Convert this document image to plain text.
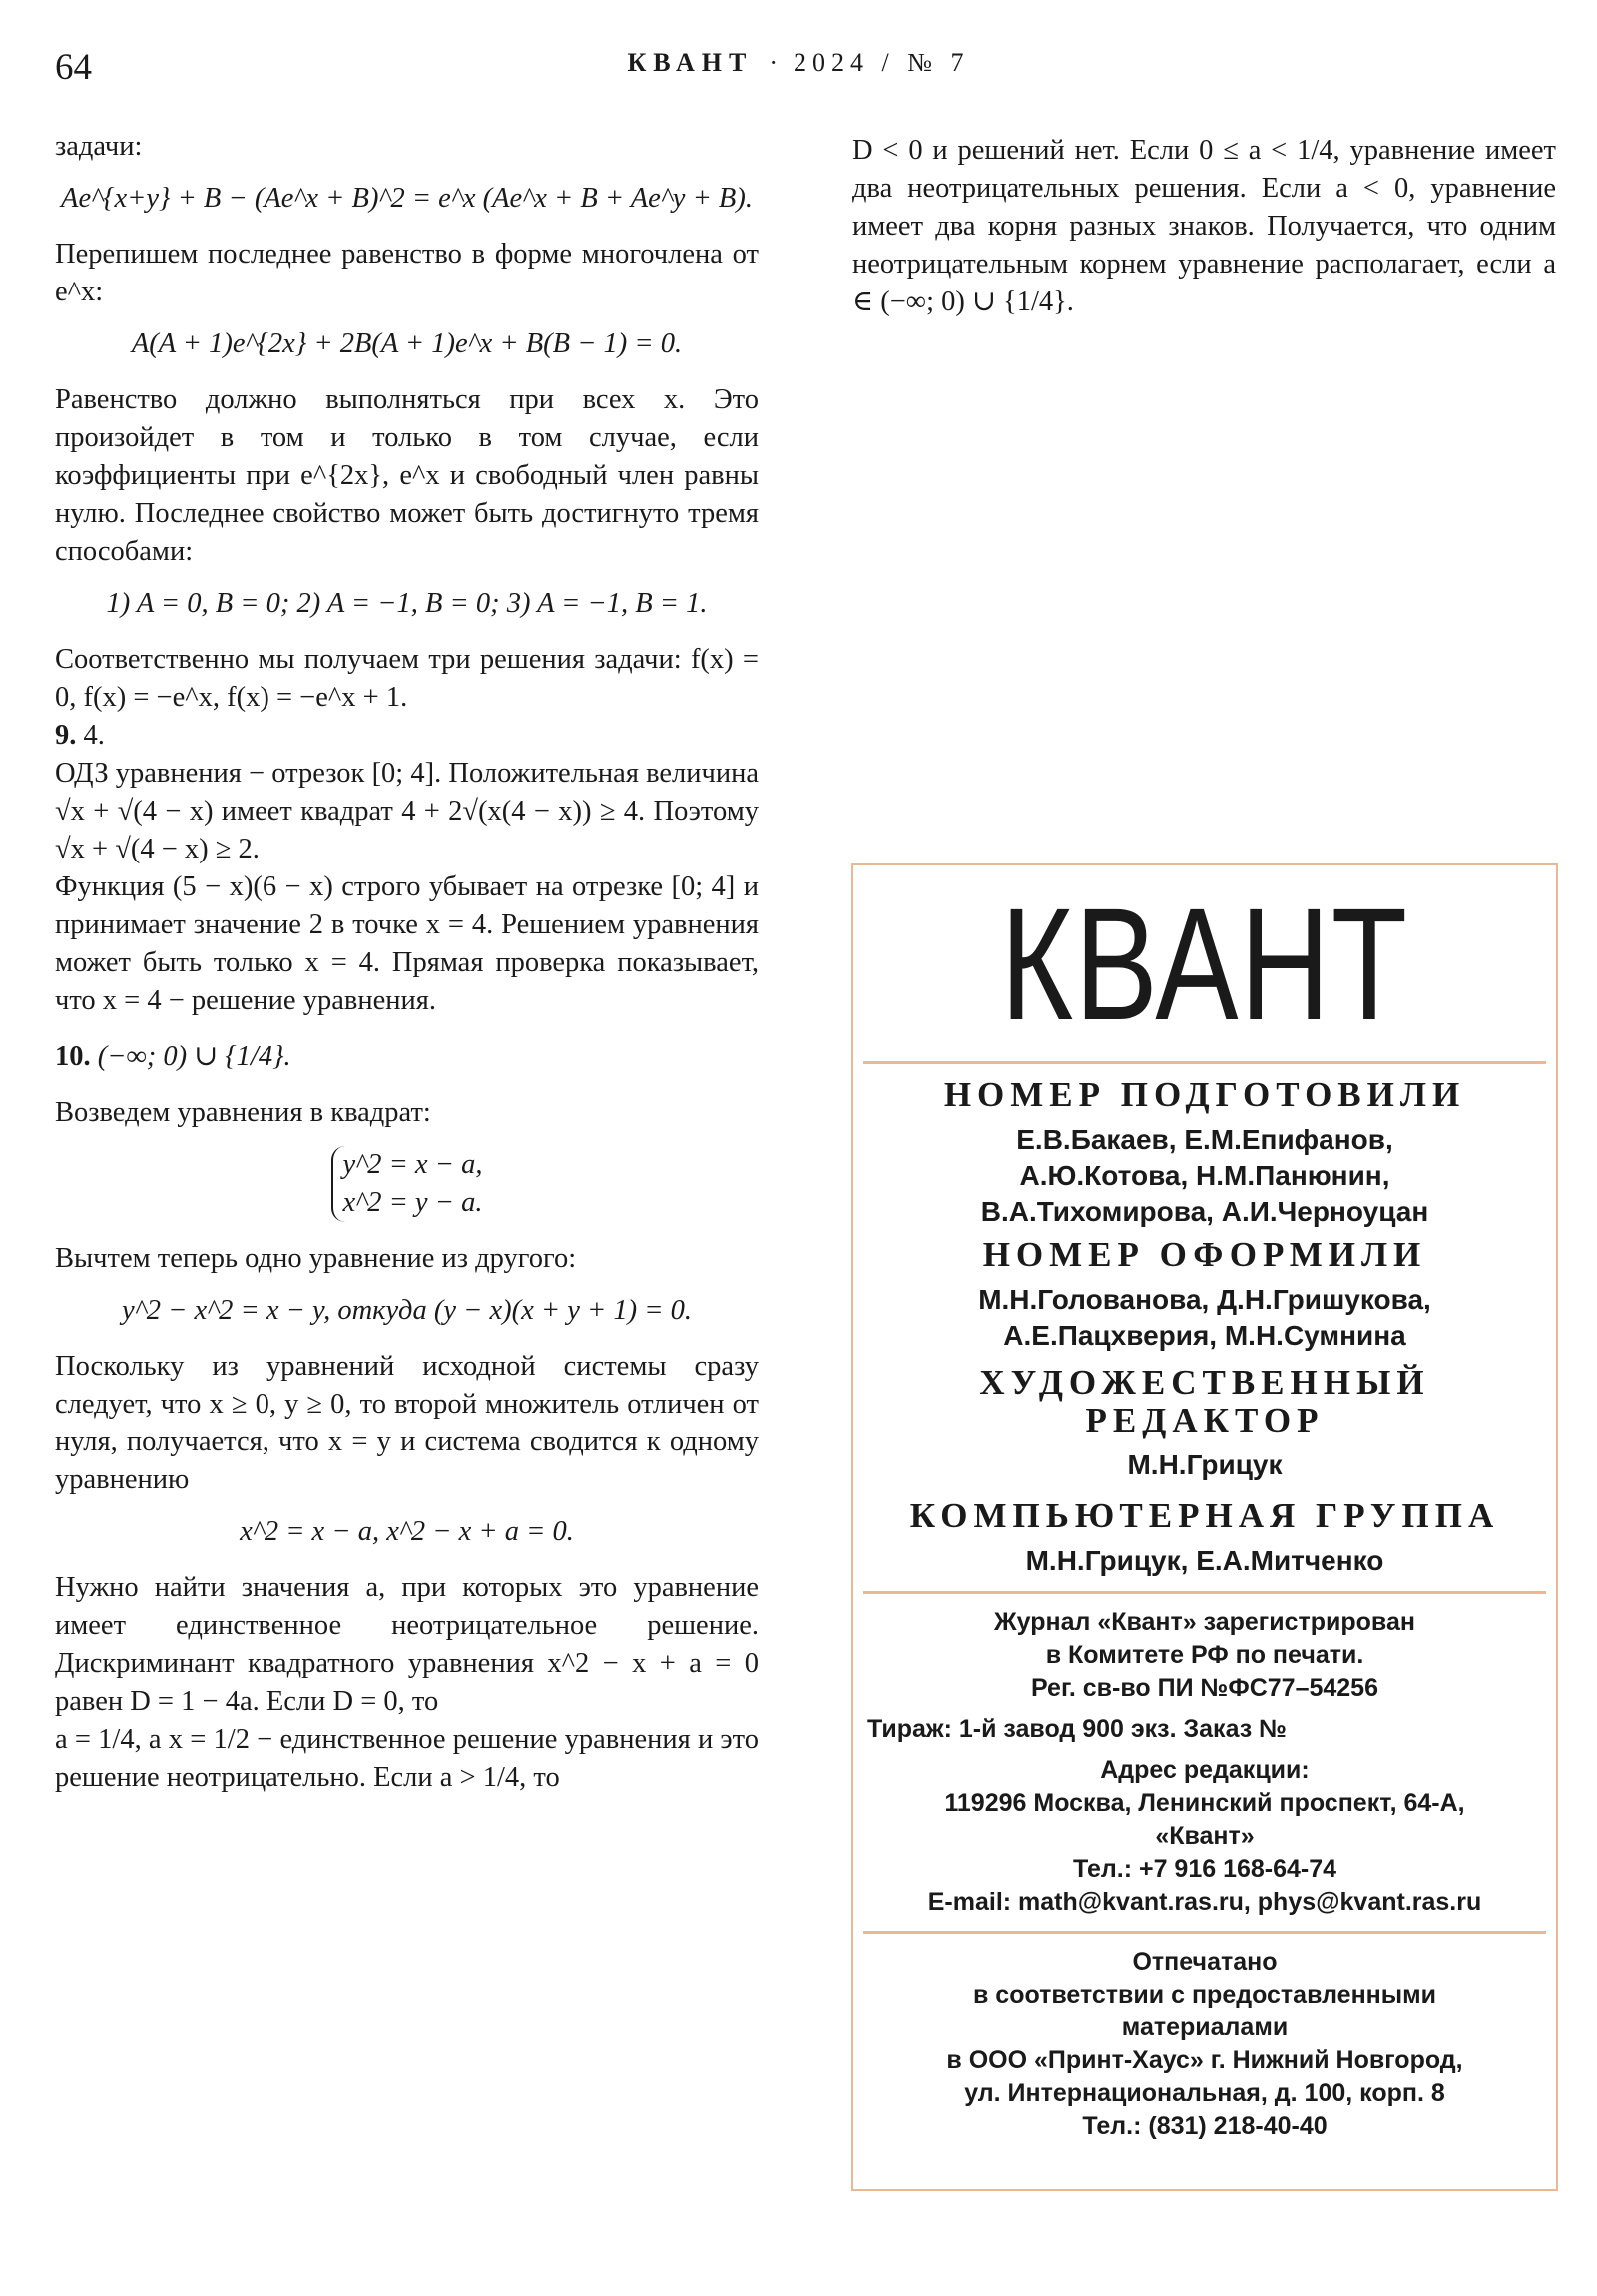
64	КВАНТ · 2024 / № 7

задачи:

Ae^{x+y} + B − (Ae^x + B)^2 = e^x (Ae^x + B + Ae^y + B).

Перепишем последнее равенство в форме многочлена от e^x:

A(A + 1)e^{2x} + 2B(A + 1)e^x + B(B − 1) = 0.

Равенство должно выполняться при всех x. Это произойдет в том и только в том случае, если коэффициенты при e^{2x}, e^x и свободный член равны нулю. Последнее свойство может быть достигнуто тремя способами:

1) A = 0, B = 0; 2) A = −1, B = 0; 3) A = −1, B = 1.

Соответственно мы получаем три решения задачи: f(x) = 0, f(x) = −e^x, f(x) = −e^x + 1.

9. 4.

ОДЗ уравнения − отрезок [0; 4]. Положительная величина √x + √(4 − x) имеет квадрат 4 + 2√(x(4 − x)) ≥ 4. Поэтому √x + √(4 − x) ≥ 2.

Функция (5 − x)(6 − x) строго убывает на отрезке [0; 4] и принимает значение 2 в точке x = 4. Решением уравнения может быть только x = 4. Прямая проверка показывает, что x = 4 − решение уравнения.

10. (−∞; 0) ∪ {1/4}.

Возведем уравнения в квадрат:

y^2 = x − a,
x^2 = y − a.

Вычтем теперь одно уравнение из другого:

y^2 − x^2 = x − y, откуда (y − x)(x + y + 1) = 0.

Поскольку из уравнений исходной системы сразу следует, что x ≥ 0, y ≥ 0, то второй множитель отличен от нуля, получается, что x = y и система сводится к одному уравнению

x^2 = x − a, x^2 − x + a = 0.

Нужно найти значения a, при которых это уравнение имеет единственное неотрицательное решение. Дискриминант квадратного уравнения x^2 − x + a = 0 равен D = 1 − 4a. Если D = 0, то

a = 1/4, а x = 1/2 − единственное решение уравнения и это решение неотрицательно. Если a > 1/4, то

D < 0 и решений нет. Если 0 ≤ a < 1/4, уравнение имеет два неотрицательных решения. Если a < 0, уравнение имеет два корня разных знаков. Получается, что одним неотрицательным корнем уравнение располагает, если a ∈ (−∞; 0) ∪ {1/4}.

КВАНТ
НОМЕР ПОДГОТОВИЛИ
Е.В.Бакаев, Е.М.Епифанов,
А.Ю.Котова, Н.М.Панюнин,
В.А.Тихомирова, А.И.Черноуцан
НОМЕР ОФОРМИЛИ
М.Н.Голованова, Д.Н.Гришукова,
А.Е.Пацхверия, М.Н.Сумнина
ХУДОЖЕСТВЕННЫЙ
РЕДАКТОР
М.Н.Грицук
КОМПЬЮТЕРНАЯ ГРУППА
М.Н.Грицук, Е.А.Митченко
Журнал «Квант» зарегистрирован
в Комитете РФ по печати.
Рег. св-во ПИ №ФС77–54256
Тираж: 1-й завод 900 экз. Заказ №
Адрес редакции:
119296 Москва, Ленинский проспект, 64-А,
«Квант»
Тел.: +7 916 168-64-74
E-mail: math@kvant.ras.ru, phys@kvant.ras.ru
Отпечатано
в соответствии с предоставленными
материалами
в ООО «Принт-Хаус» г. Нижний Новгород,
ул. Интернациональная, д. 100, корп. 8
Тел.: (831) 218-40-40
